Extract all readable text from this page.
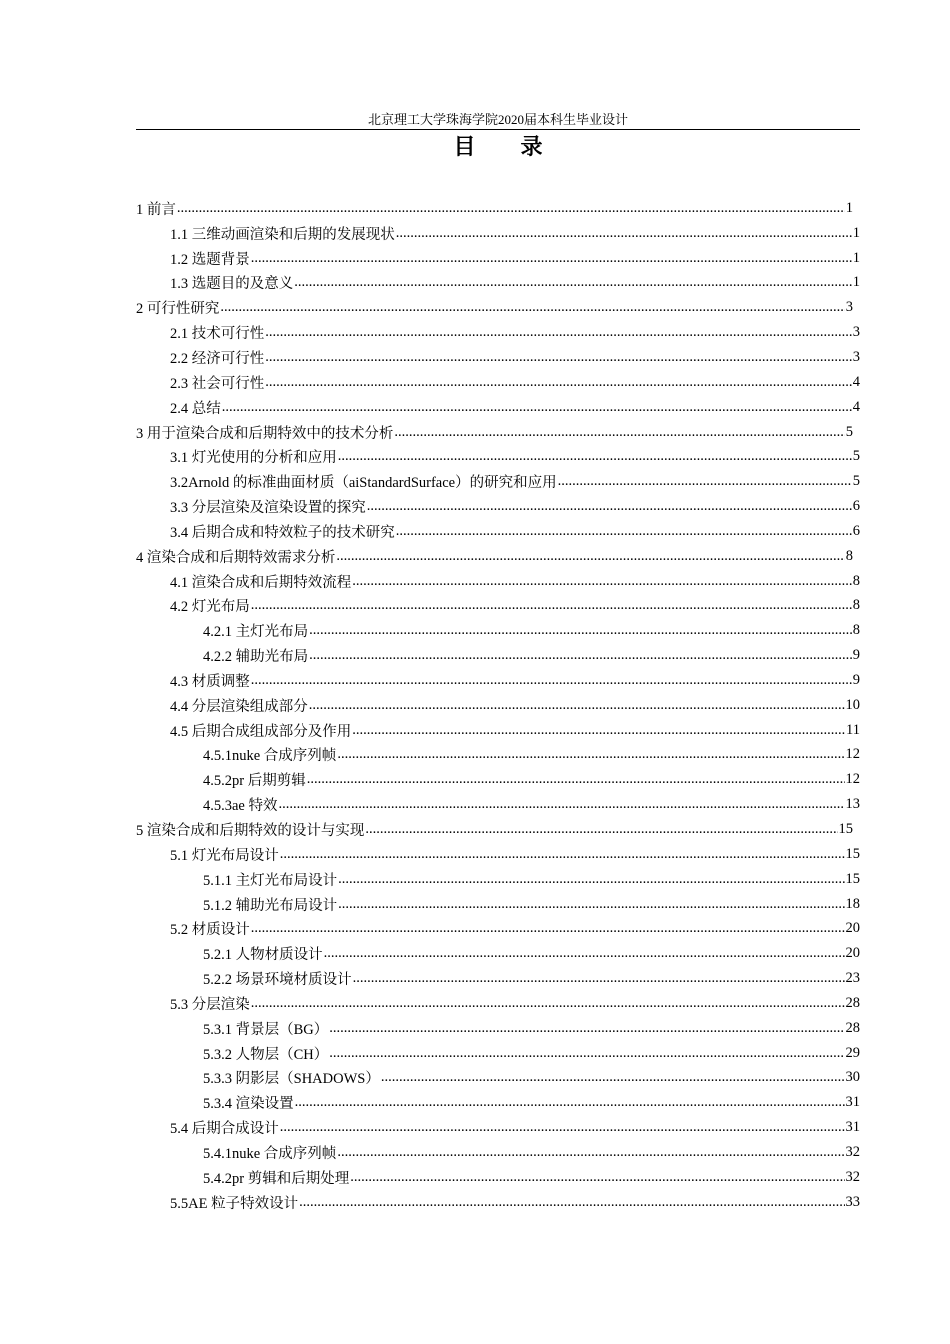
北京理工大学珠海学院2020届本科生毕业设计
目 录
1 前言 .....	1
1.1 三维动画渲染和后期的发展现状 .....	1
1.2 选题背景 .....	1
1.3 选题目的及意义 .....	1
2 可行性研究 .....	3
2.1 技术可行性 .....	3
2.2 经济可行性 .....	3
2.3 社会可行性 .....	4
2.4 总结 .....	4
3 用于渲染合成和后期特效中的技术分析 .....	5
3.1 灯光使用的分析和应用 .....	5
3.2Arnold 的标准曲面材质（aiStandardSurface）的研究和应用 .....	5
3.3 分层渲染及渲染设置的探究 .....	6
3.4 后期合成和特效粒子的技术研究 .....	6
4 渲染合成和后期特效需求分析 .....	8
4.1 渲染合成和后期特效流程 .....	8
4.2 灯光布局 .....	8
4.2.1 主灯光布局 .....	8
4.2.2 辅助光布局 .....	9
4.3 材质调整 .....	9
4.4 分层渲染组成部分 .....	10
4.5 后期合成组成部分及作用 .....	11
4.5.1nuke 合成序列帧 .....	12
4.5.2pr 后期剪辑 .....	12
4.5.3ae 特效 .....	13
5 渲染合成和后期特效的设计与实现 .....	15
5.1 灯光布局设计 .....	15
5.1.1 主灯光布局设计 .....	15
5.1.2 辅助光布局设计 .....	18
5.2 材质设计 .....	20
5.2.1 人物材质设计 .....	20
5.2.2 场景环境材质设计 .....	23
5.3 分层渲染 .....	28
5.3.1 背景层（BG） .....	28
5.3.2 人物层（CH） .....	29
5.3.3 阴影层（SHADOWS） .....	30
5.3.4 渲染设置 .....	31
5.4 后期合成设计 .....	31
5.4.1nuke 合成序列帧 .....	32
5.4.2pr 剪辑和后期处理 .....	32
5.5AE 粒子特效设计 .....	33
